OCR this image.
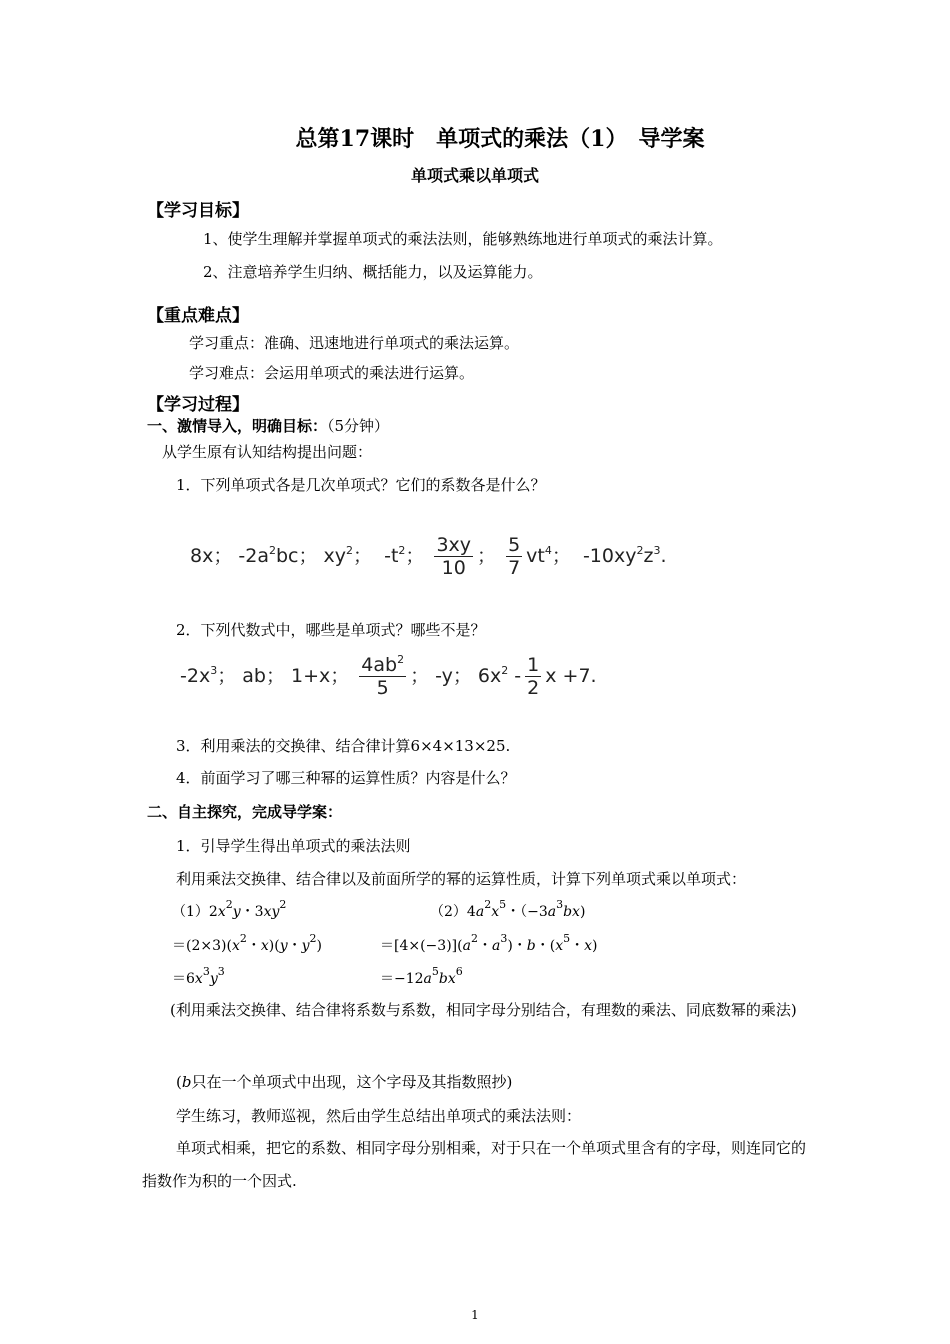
总第17课时　单项式的乘法（1）　导学案
单项式乘以单项式
【学习目标】
1、使学生理解并掌握单项式的乘法法则，能够熟练地进行单项式的乘法计算。
2、注意培养学生归纳、概括能力，以及运算能力。
【重点难点】
学习重点：准确、迅速地进行单项式的乘法运算。
学习难点：会运用单项式的乘法进行运算。
【学习过程】
一、激情导入，明确目标：（5分钟）
从学生原有认知结构提出问题：
1．下列单项式各是几次单项式？它们的系数各是什么？
8x； $-2a^2bc$； $xy^2$；  $-t^2$； $\frac{3xy}{10}$ ； $\frac{5}{7} vt^4$；  $-10xy^2z^3$.
2．下列代数式中，哪些是单项式？哪些不是？
$-2x^3$； ab； 1+x； $\frac{4ab^2}{5}$ ； -y； $6x^2 - \frac{1}{2}$ x +7.
3．利用乘法的交换律、结合律计算6×4×13×25.
4．前面学习了哪三种幂的运算性质？内容是什么？
二、自主探究，完成导学案：
1．引导学生得出单项式的乘法法则
利用乘法交换律、结合律以及前面所学的幂的运算性质，计算下列单项式乘以单项式：
$(1)2x^2y$・$3xy^2$	$(2)4a^2x^5$・$(-3a^3bx)$
$=(2\times 3)(x^2$・x)(y・$y^2$)	$=[4\times(-3)](a^2$・$a^3$)・b・($x^5$・x)
$=6x^3y^3$	$=-12a^5bx^6$
(利用乘法交换律、结合律将系数与系数，相同字母分别结合，有理数的乘法、同底数幂的乘法)
(b只在一个单项式中出现，这个字母及其指数照抄)
学生练习，教师巡视，然后由学生总结出单项式的乘法法则：
单项式相乘，把它的系数、相同字母分别相乘，对于只在一个单项式里含有的字母，则连同它的指数作为积的一个因式.
1
